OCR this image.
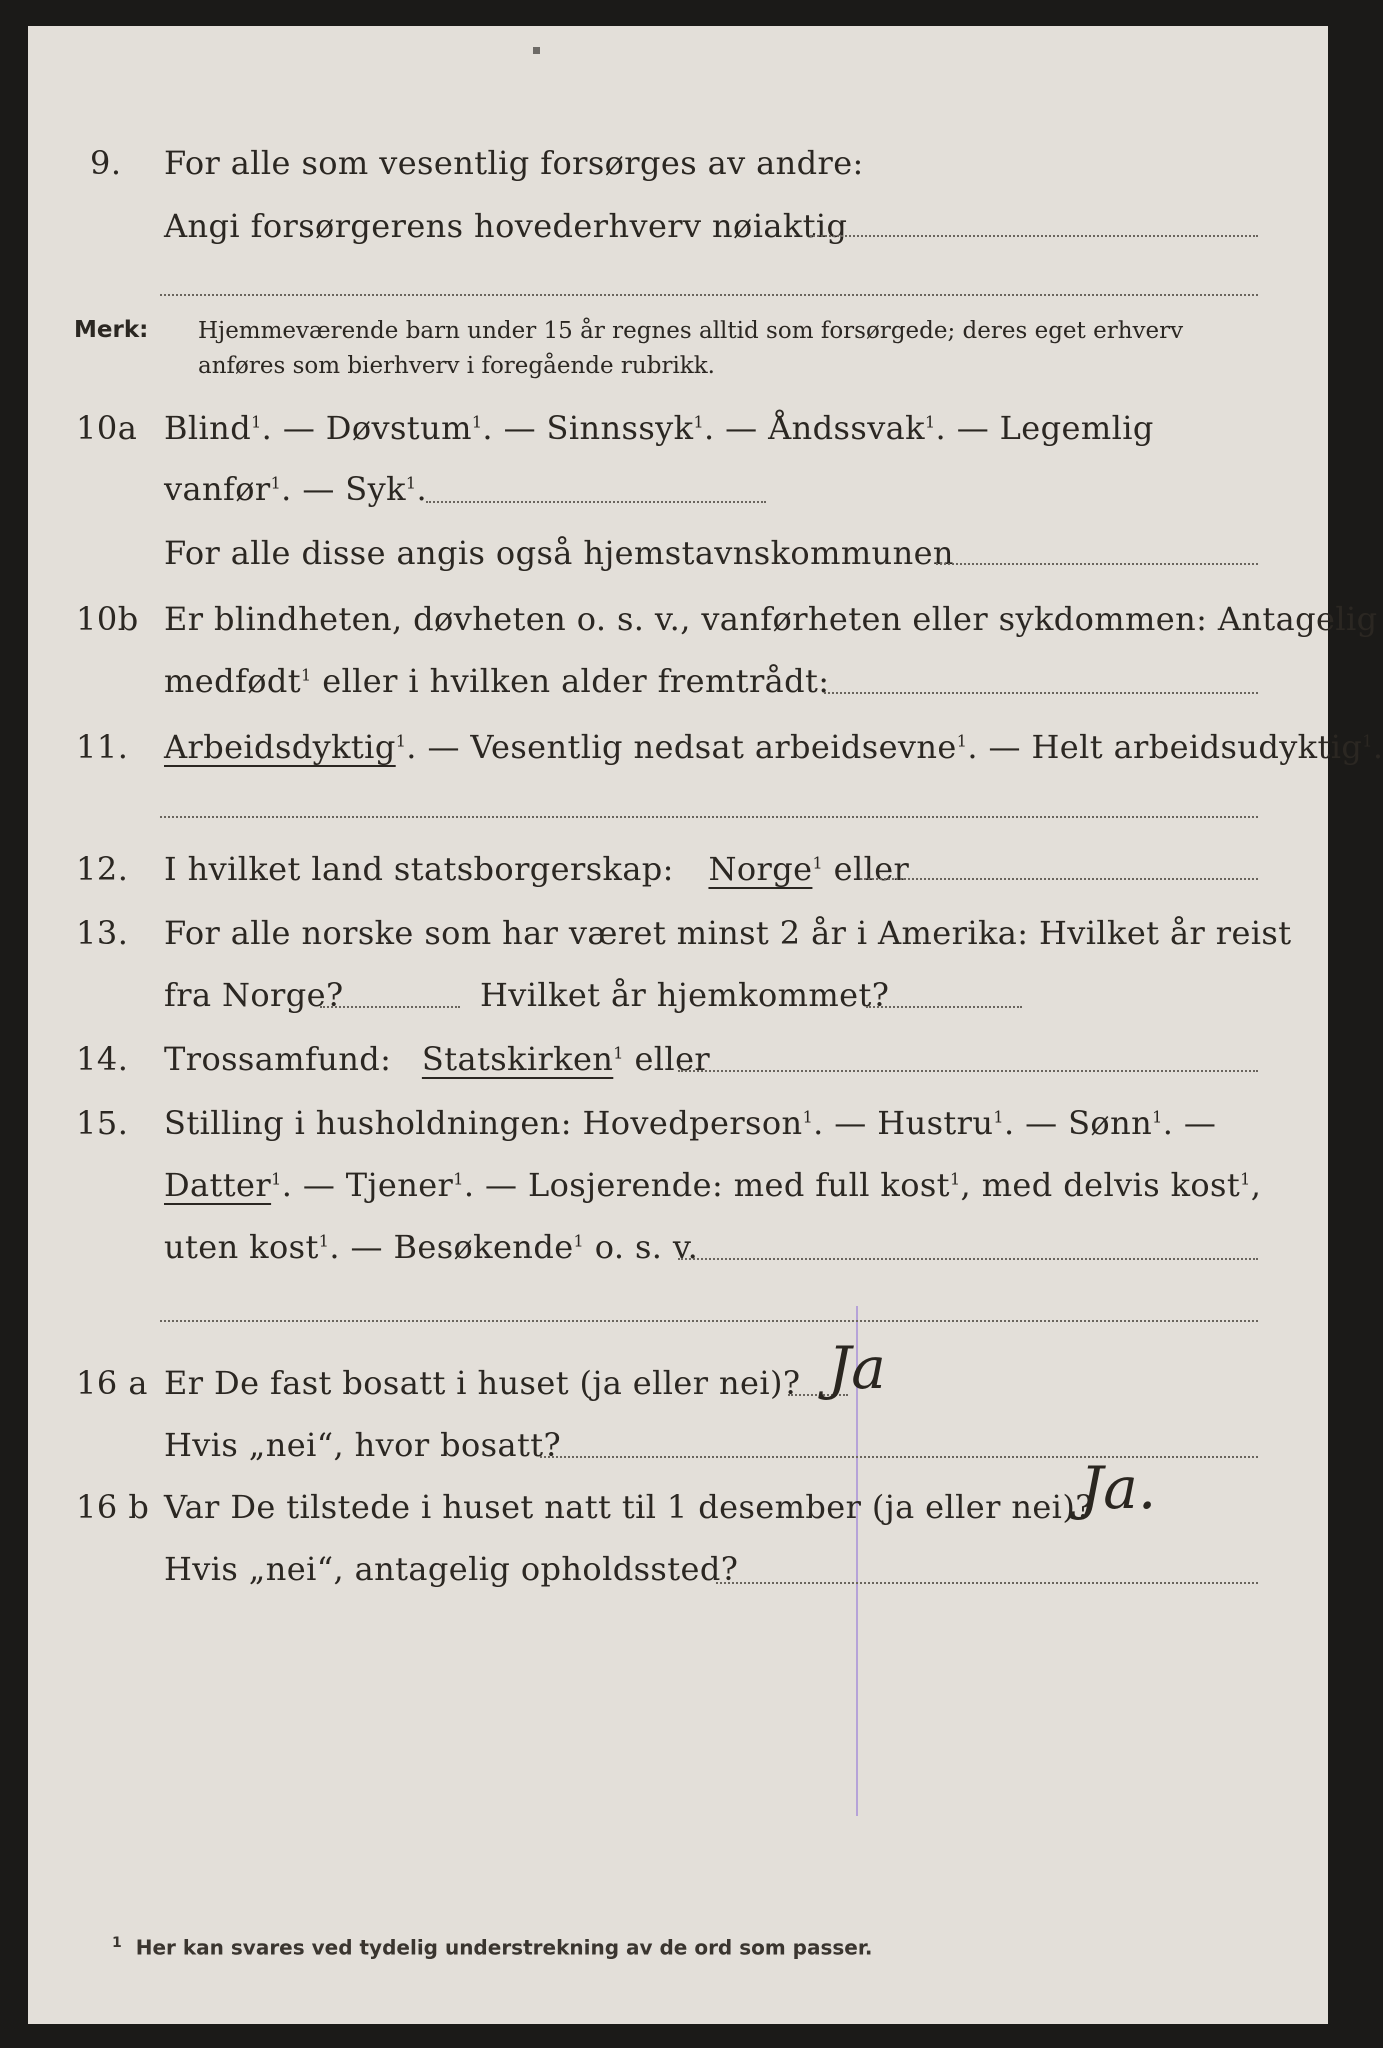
9. For alle som vesentlig forsørges av andre:
Angi forsørgerens hovederhverv nøiaktig
Merk: Hjemmeværende barn under 15 år regnes alltid som forsørgede; deres eget erhverv
anføres som bierhverv i foregående rubrikk.
10a Blind$^1$. — Døvstum$^1$. — Sinnssyk$^1$. — Åndssvak$^1$. — Legemlig
vanfør$^1$. — Syk$^1$.
For alle disse angis også hjemstavnskommunen
10b Er blindheten, døvheten o. s. v., vanførheten eller sykdommen: Antagelig
medfødt$^1$ eller i hvilken alder fremtrådt:
11. Arbeidsdyktig$^1$. — Vesentlig nedsat arbeidsevne$^1$. — Helt arbeidsudyktig$^1$.
12. I hvilket land statsborgerskap: Norge$^1$ eller
13. For alle norske som har været minst 2 år i Amerika: Hvilket år reist
fra Norge?	Hvilket år hjemkommet?
14. Trossamfund: Statskirken$^1$ eller
15. Stilling i husholdningen: Hovedperson$^1$. — Hustru$^1$. — Sønn$^1$. —
Datter$^1$. — Tjener$^1$. — Losjerende: med full kost$^1$, med delvis kost$^1$,
uten kost$^1$. — Besøkende$^1$ o. s. v.
16 a Er De fast bosatt i huset (ja eller nei)? Ja
Hvis „nei“, hvor bosatt?
16 b Var De tilstede i huset natt til 1 desember (ja eller nei)?
Ja.
Hvis „nei“, antagelig opholdssted?
$^1$ Her kan svares ved tydelig understrekning av de ord som passer.
